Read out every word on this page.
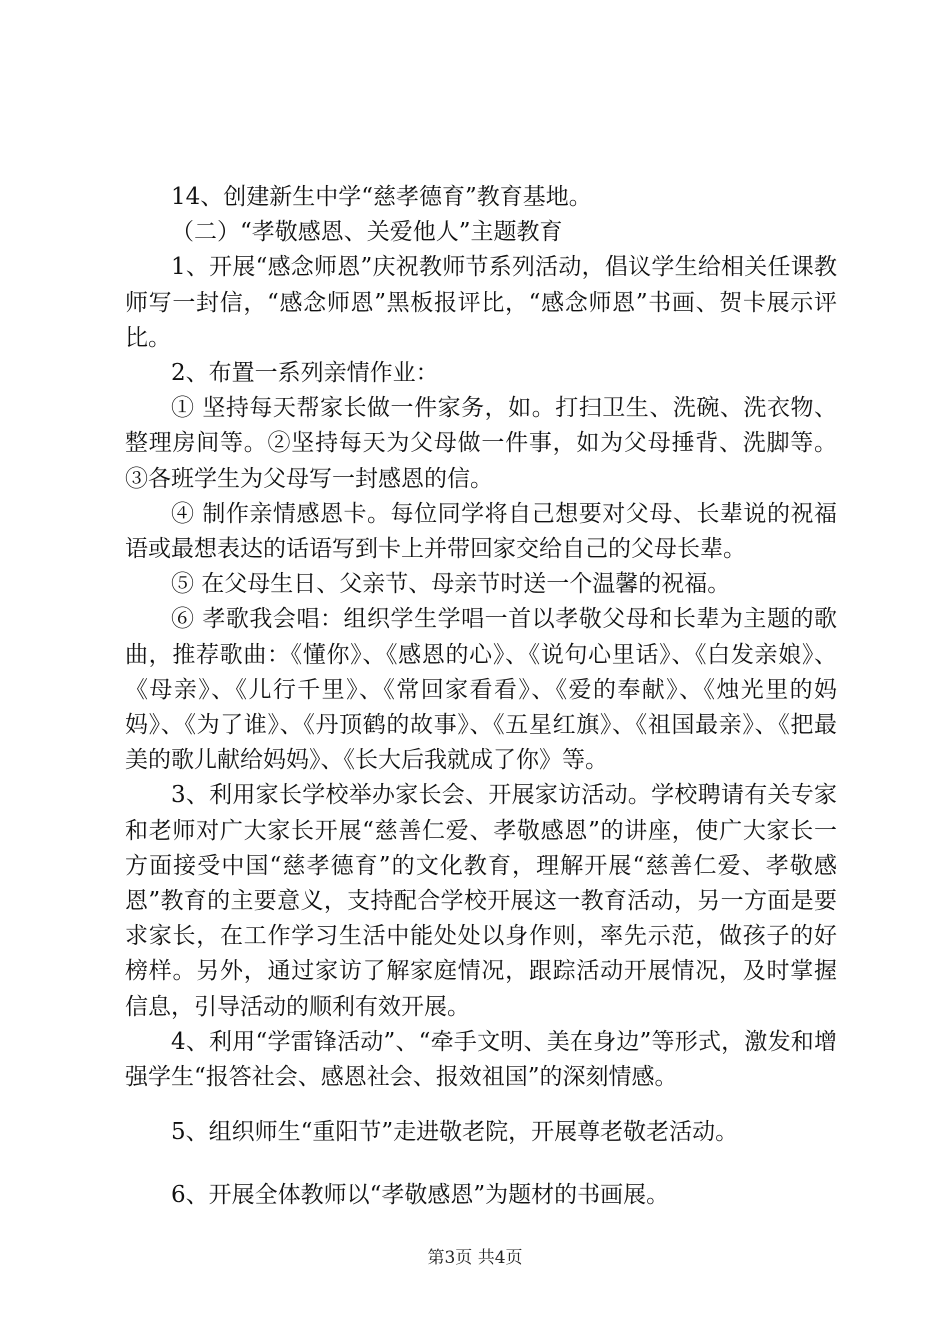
14、创建新生中学“慈孝德育”教育基地。

（二）“孝敬感恩、关爱他人”主题教育

1、开展“感念师恩”庆祝教师节系列活动，倡议学生给相关任课教师写一封信，“感念师恩”黑板报评比，“感念师恩”书画、贺卡展示评比。

2、布置一系列亲情作业：

① 坚持每天帮家长做一件家务，如。打扫卫生、洗碗、洗衣物、整理房间等。②坚持每天为父母做一件事，如为父母捶背、洗脚等。③各班学生为父母写一封感恩的信。

④ 制作亲情感恩卡。每位同学将自己想要对父母、长辈说的祝福语或最想表达的话语写到卡上并带回家交给自己的父母长辈。

⑤ 在父母生日、父亲节、母亲节时送一个温馨的祝福。

⑥ 孝歌我会唱：组织学生学唱一首以孝敬父母和长辈为主题的歌曲，推荐歌曲：《懂你》、《感恩的心》、《说句心里话》、《白发亲娘》、《母亲》、《儿行千里》、《常回家看看》、《爱的奉献》、《烛光里的妈妈》、《为了谁》、《丹顶鹤的故事》、《五星红旗》、《祖国最亲》、《把最美的歌儿献给妈妈》、《长大后我就成了你》等。

3、利用家长学校举办家长会、开展家访活动。学校聘请有关专家和老师对广大家长开展“慈善仁爱、孝敬感恩”的讲座，使广大家长一方面接受中国“慈孝德育”的文化教育，理解开展“慈善仁爱、孝敬感恩”教育的主要意义，支持配合学校开展这一教育活动，另一方面是要求家长，在工作学习生活中能处处以身作则，率先示范，做孩子的好榜样。另外，通过家访了解家庭情况，跟踪活动开展情况，及时掌握信息，引导活动的顺利有效开展。

4、利用“学雷锋活动”、“牵手文明、美在身边”等形式，激发和增强学生“报答社会、感恩社会、报效祖国”的深刻情感。

5、组织师生“重阳节”走进敬老院，开展尊老敬老活动。

6、开展全体教师以“孝敬感恩”为题材的书画展。

第3页 共4页
